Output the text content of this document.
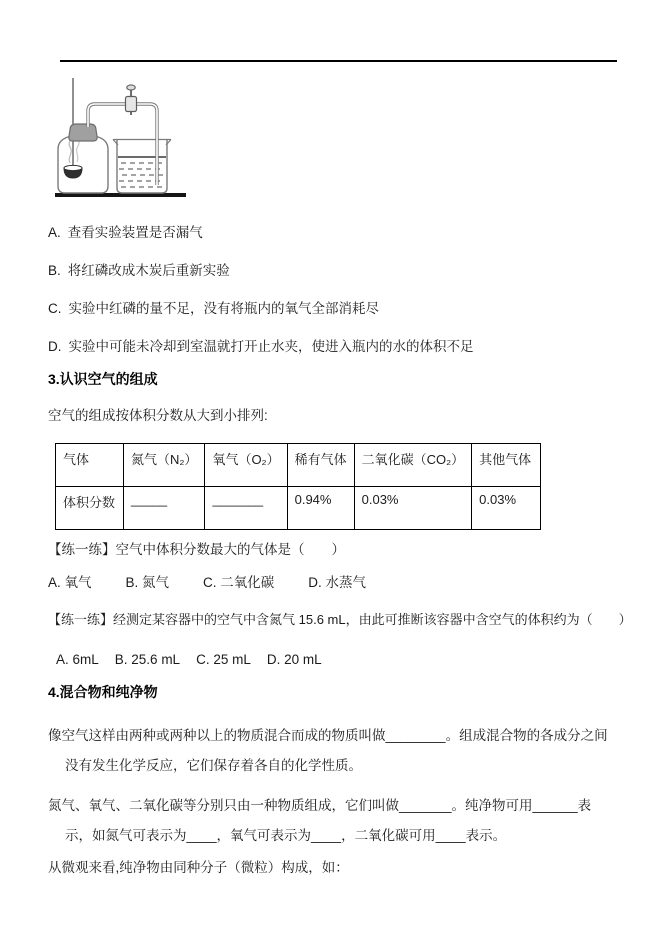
A. 查看实验装置是否漏气
B. 将红磷改成木炭后重新实验
C. 实验中红磷的量不足，没有将瓶内的氧气全部消耗尽
D. 实验中可能未冷却到室温就打开止水夹，使进入瓶内的水的体积不足
3.认识空气的组成

空气的组成按体积分数从大到小排列:

气体	氮气（N₂）	氧气（O₂）	稀有气体	二氧化碳（CO₂）	其他气体
体积分数	_____	_______	0.94%	0.03%	0.03%

【练一练】空气中体积分数最大的气体是（　　）

A. 氧气	B. 氮气	C. 二氧化碳	D. 水蒸气

【练一练】经测定某容器中的空气中含氮气 15.6 mL，由此可推断该容器中含空气的体积约为（　　）

A. 6mL B. 25.6 mL C. 25 mL D. 20 mL

4.混合物和纯净物

像空气这样由两种或两种以上的物质混合而成的物质叫做________。组成混合物的各成分之间没有发生化学反应，它们保存着各自的化学性质。

氮气、氧气、二氧化碳等分别只由一种物质组成，它们叫做_______。纯净物可用______表示，如氮气可表示为____，氧气可表示为____，二氧化碳可用____表示。

从微观来看,纯净物由同种分子（微粒）构成，如：
